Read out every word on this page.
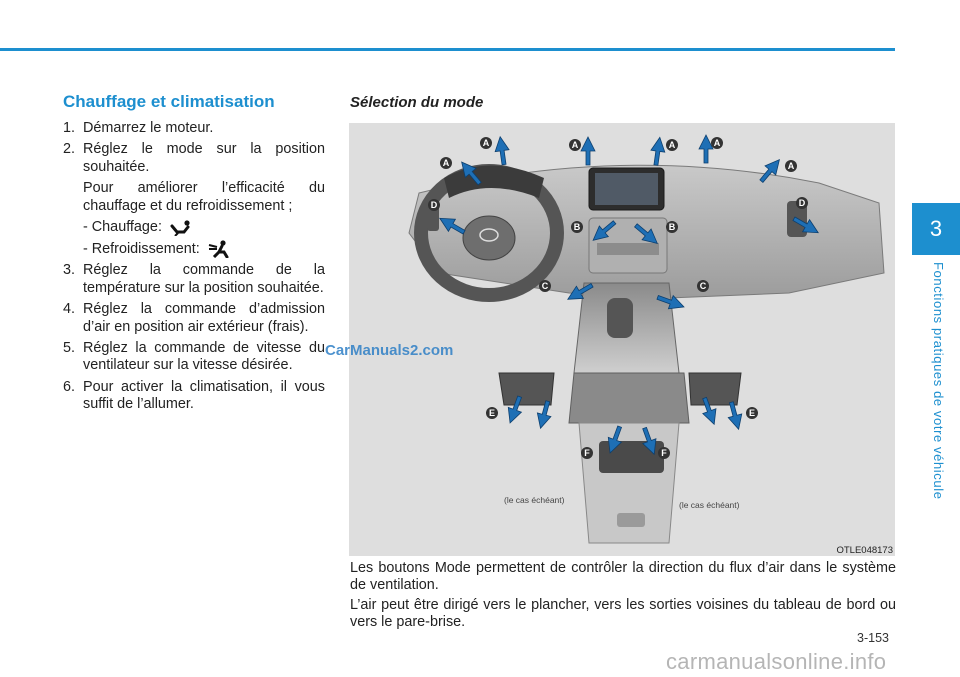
3
Fonctions pratiques de votre véhicule
Chauffage et climatisation
1. Démarrez le moteur.
2. Réglez le mode sur la position souhaitée.
Pour améliorer l’efficacité du chauffage et du refroidissement ;
- Chauffage:
- Refroidissement:
3. Réglez la commande de la température sur la position souhaitée.
4. Réglez la commande d’admission d’air en position air extérieur (frais).
5. Réglez la commande de vitesse du ventilateur sur la vitesse désirée.
6. Pour activer la climatisation, il vous suffit de l’allumer.
Sélection du mode
A	A	A	A
A	A
D	D
B	B
C	C
E	E
F	F
(le cas échéant)	(le cas échéant)
OTLE048173

Les boutons Mode permettent de contrôler la direction du flux d’air dans le système de ventilation.

L’air peut être dirigé vers le plancher, vers les sorties voisines du tableau de bord ou vers le pare-brise.

CarManuals2.com
3-153
carmanualsonline.info
